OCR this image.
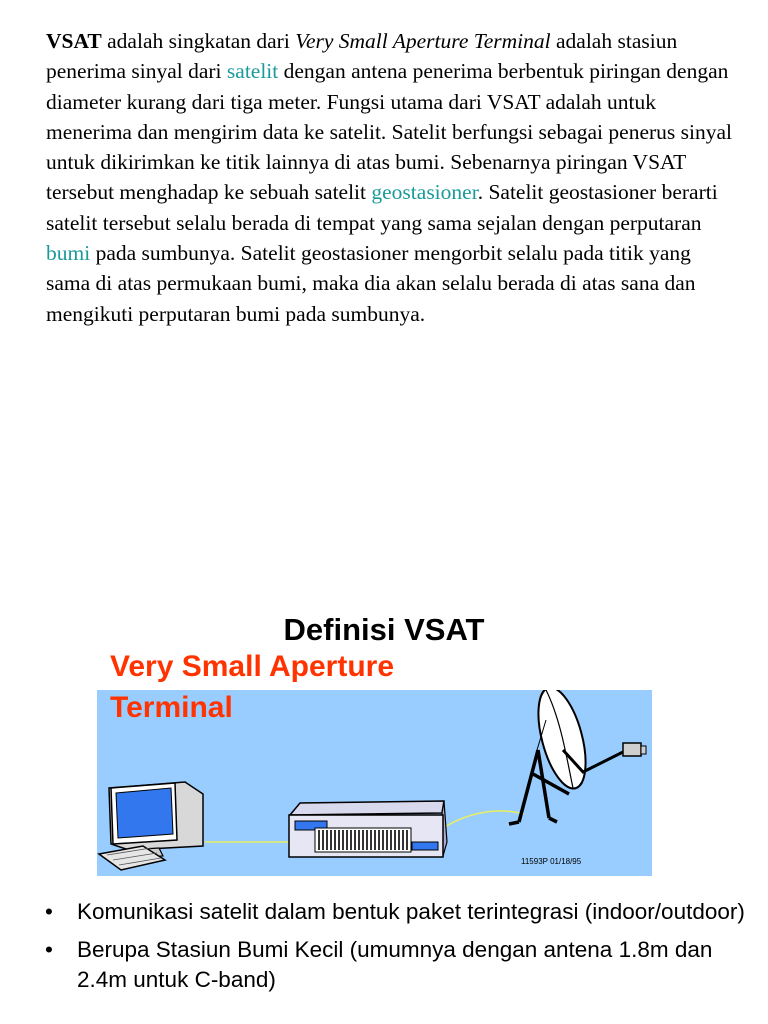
VSAT adalah singkatan dari Very Small Aperture Terminal adalah stasiun penerima sinyal dari satelit dengan antena penerima berbentuk piringan dengan diameter kurang dari tiga meter. Fungsi utama dari VSAT adalah untuk menerima dan mengirim data ke satelit. Satelit berfungsi sebagai penerus sinyal untuk dikirimkan ke titik lainnya di atas bumi. Sebenarnya piringan VSAT tersebut menghadap ke sebuah satelit geostasioner. Satelit geostasioner berarti satelit tersebut selalu berada di tempat yang sama sejalan dengan perputaran bumi pada sumbunya. Satelit geostasioner mengorbit selalu pada titik yang sama di atas permukaan bumi, maka dia akan selalu berada di atas sana dan mengikuti perputaran bumi pada sumbunya.
Definisi VSAT
Very Small Aperture
Terminal
11593P 01/18/95
• Komunikasi satelit dalam bentuk paket terintegrasi (indoor/outdoor)
• Berupa Stasiun Bumi Kecil (umumnya dengan antena 1.8m dan 2.4m untuk C-band)
